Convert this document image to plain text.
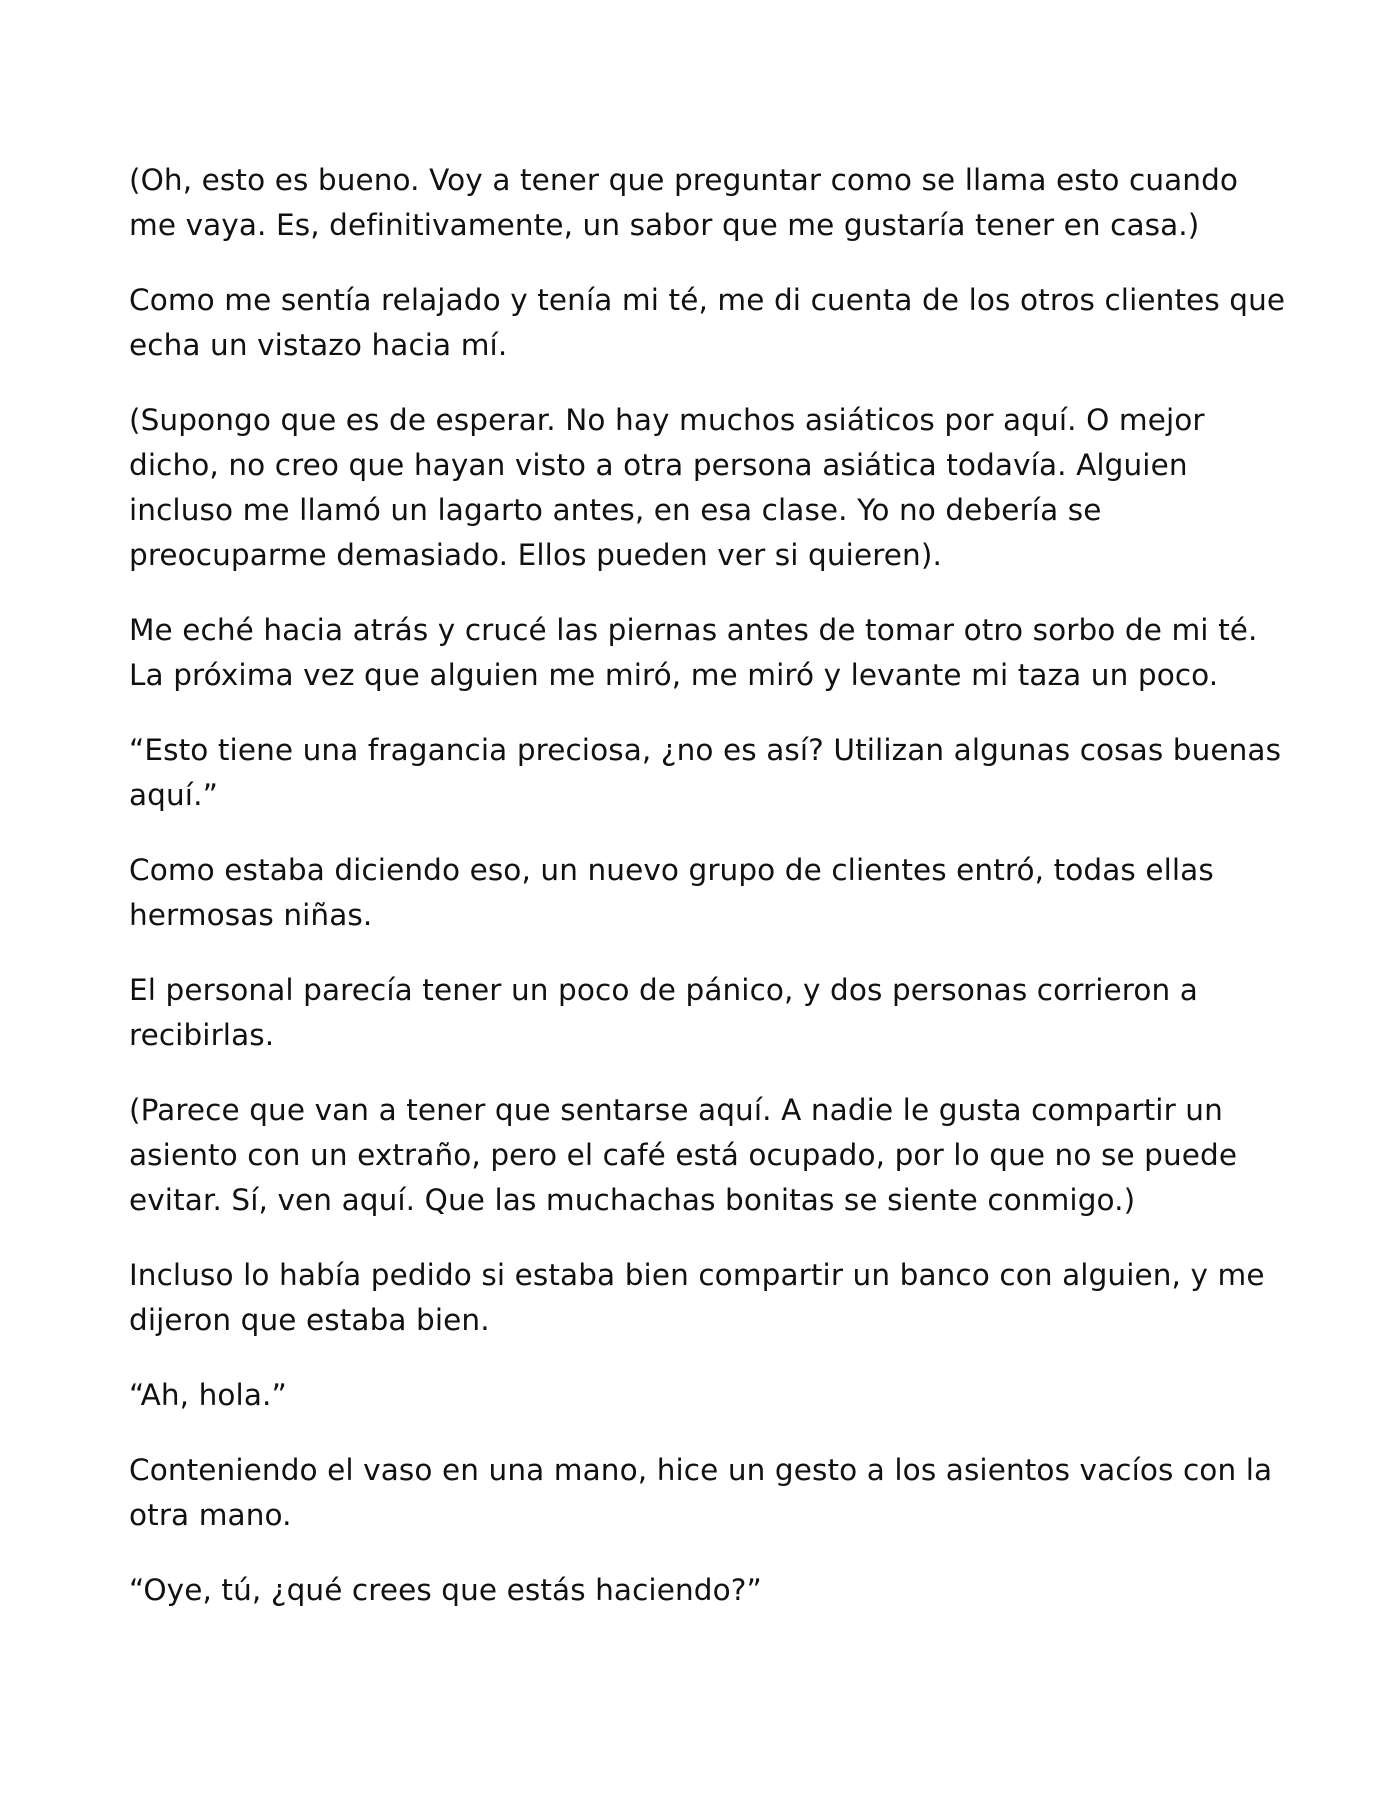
(Oh, esto es bueno. Voy a tener que preguntar como se llama esto cuando me vaya. Es, definitivamente, un sabor que me gustaría tener en casa.)

Como me sentía relajado y tenía mi té, me di cuenta de los otros clientes que echa un vistazo hacia mí.

(Supongo que es de esperar. No hay muchos asiáticos por aquí. O mejor dicho, no creo que hayan visto a otra persona asiática todavía. Alguien incluso me llamó un lagarto antes, en esa clase. Yo no debería se preocuparme demasiado. Ellos pueden ver si quieren).

Me eché hacia atrás y crucé las piernas antes de tomar otro sorbo de mi té. La próxima vez que alguien me miró, me miró y levante mi taza un poco.

“Esto tiene una fragancia preciosa, ¿no es así? Utilizan algunas cosas buenas aquí.”

Como estaba diciendo eso, un nuevo grupo de clientes entró, todas ellas hermosas niñas.

El personal parecía tener un poco de pánico, y dos personas corrieron a recibirlas.

(Parece que van a tener que sentarse aquí. A nadie le gusta compartir un asiento con un extraño, pero el café está ocupado, por lo que no se puede evitar. Sí, ven aquí. Que las muchachas bonitas se siente conmigo.)

Incluso lo había pedido si estaba bien compartir un banco con alguien, y me dijeron que estaba bien.

“Ah, hola.”

Conteniendo el vaso en una mano, hice un gesto a los asientos vacíos con la otra mano.

“Oye, tú, ¿qué crees que estás haciendo?”
